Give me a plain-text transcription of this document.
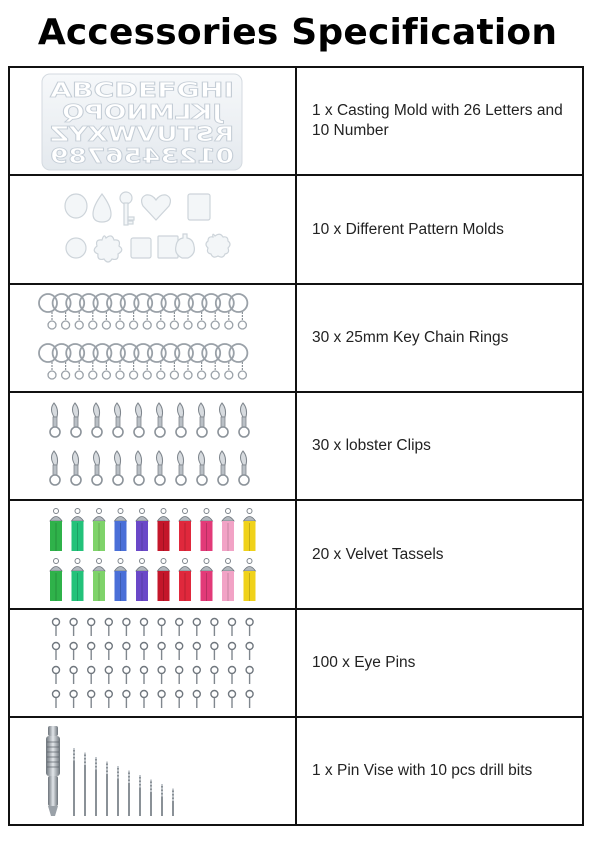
Accessories Specification
ABCDEFGHI
JKLMNOPQ
RSTUVWXYZ
0123456789
1 x Casting Mold with 26 Letters and 10 Number
10 x Different Pattern Molds
30 x 25mm Key Chain Rings
30 x lobster Clips
20 x Velvet Tassels
100 x Eye Pins
1 x Pin Vise with 10 pcs drill bits
